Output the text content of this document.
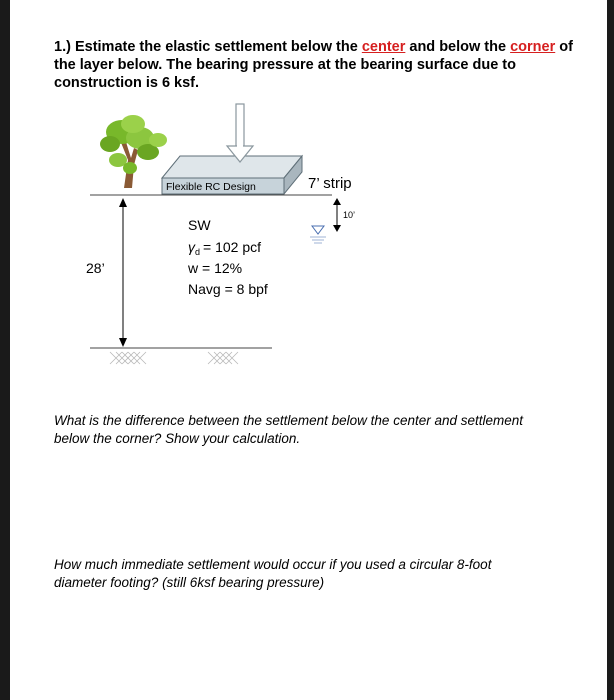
1.) Estimate the elastic settlement below the center and below the corner of the layer below. The bearing pressure at the bearing surface due to construction is 6 ksf.
Flexible RC Design	7’ strip
10’
28’
SW
$\gamma_d = 102$ pcf
w = 12%
Navg = 8 bpf
What is the difference between the settlement below the center and settlement below the corner? Show your calculation.
How much immediate settlement would occur if you used a circular 8-foot diameter footing? (still 6ksf bearing pressure)
